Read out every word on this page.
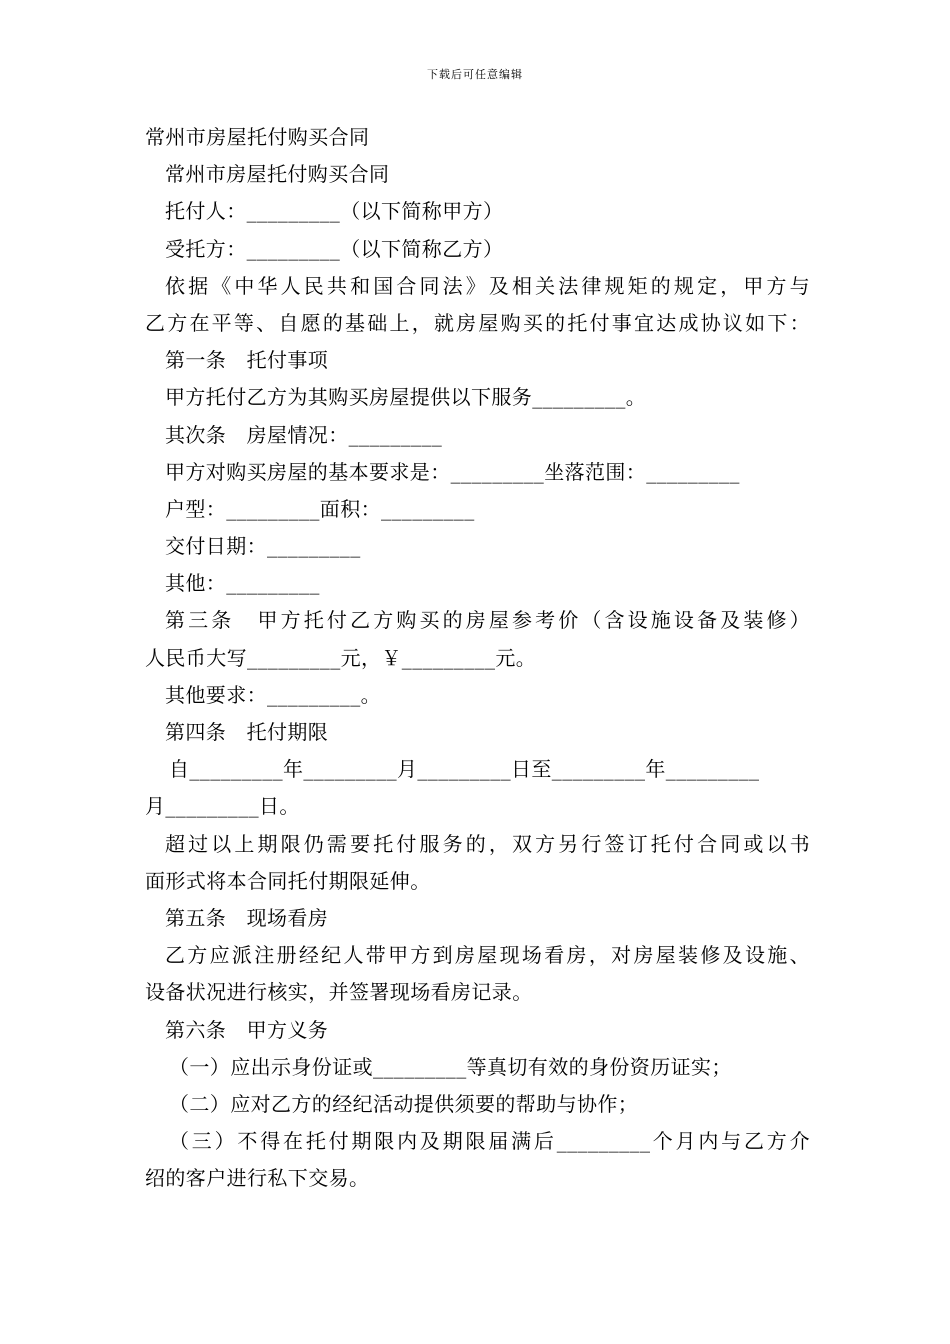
下载后可任意编辑
常州市房屋托付购买合同
常州市房屋托付购买合同
托付人：_________（以下简称甲方）
受托方：_________（以下简称乙方）
依据《中华人民共和国合同法》及相关法律规矩的规定，甲方与
乙方在平等、自愿的基础上，就房屋购买的托付事宜达成协议如下：
第一条　托付事项
甲方托付乙方为其购买房屋提供以下服务_________。
其次条　房屋情况：_________
甲方对购买房屋的基本要求是：_________坐落范围：_________
户型：_________面积：_________
交付日期：_________
其他：_________
第三条　甲方托付乙方购买的房屋参考价（含设施设备及装修）
人民币大写_________元，￥_________元。
其他要求：_________。
第四条　托付期限
自_________年_________月_________日至_________年_________
月_________日。
超过以上期限仍需要托付服务的，双方另行签订托付合同或以书
面形式将本合同托付期限延伸。
第五条　现场看房
乙方应派注册经纪人带甲方到房屋现场看房，对房屋装修及设施、
设备状况进行核实，并签署现场看房记录。
第六条　甲方义务
（一）应出示身份证或_________等真切有效的身份资历证实；
（二）应对乙方的经纪活动提供须要的帮助与协作；
（三）不得在托付期限内及期限届满后_________个月内与乙方介
绍的客户进行私下交易。
